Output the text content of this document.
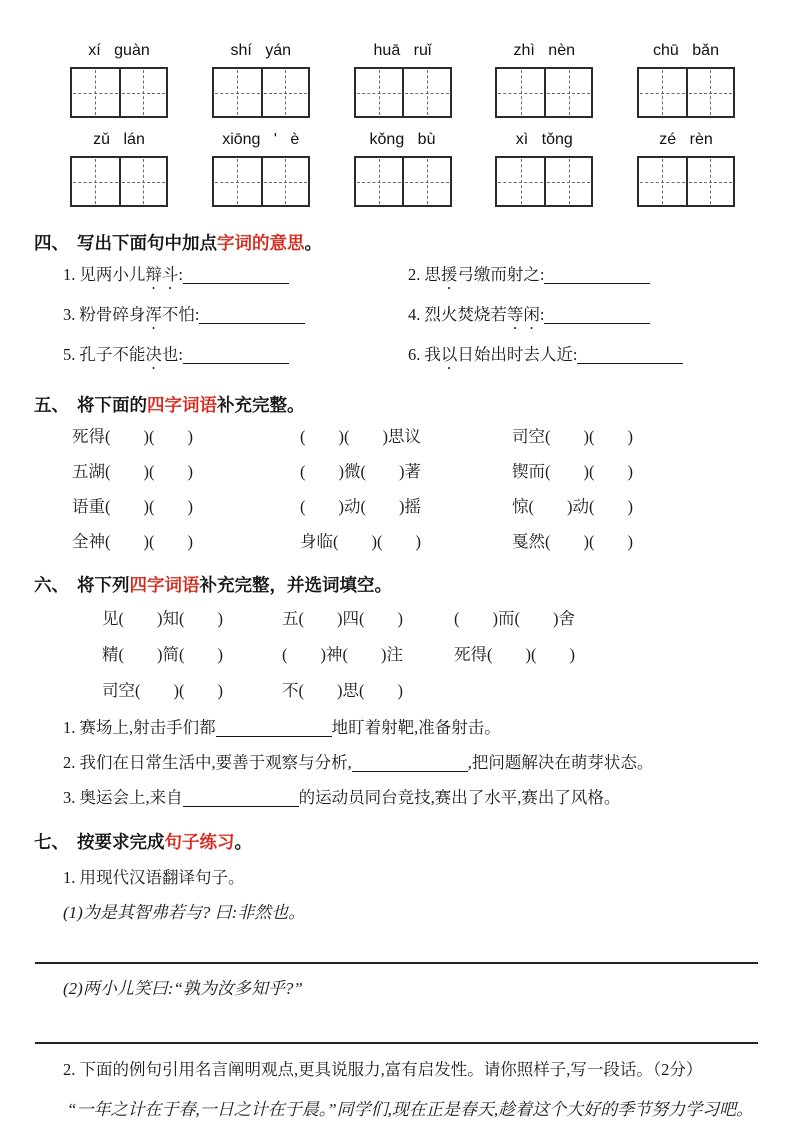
xí guàn	shí yán	huā ruǐ	zhì nèn	chū bǎn
zǔ lán	xiōng ' è	kǒng bù	xì tǒng	zé rèn
四、 写出下面句中加点字词的意思。
1. 见两小儿辩斗:	2. 思援弓缴而射之:
3. 粉骨碎身浑不怕:	4. 烈火焚烧若等闲:
5. 孔子不能决也:	6. 我以日始出时去人近:
五、 将下面的四字词语补充完整。
死得(　　)(　　)	(　　)(　　)思议	司空(　　)(　　)
五湖(　　)(　　)	(　　)微(　　)著	锲而(　　)(　　)
语重(　　)(　　)	(　　)动(　　)摇	惊(　　)动(　　)
全神(　　)(　　)	身临(　　)(　　)	戛然(　　)(　　)
六、 将下列四字词语补充完整，并选词填空。
见(　　)知(　　)	五(　　)四(　　)	(　　)而(　　)舍
精(　　)简(　　)	(　　)神(　　)注	死得(　　)(　　)
司空(　　)(　　)	不(　　)思(　　)
1. 赛场上,射击手们都	地盯着射靶,准备射击。
2. 我们在日常生活中,要善于观察与分析,	,把问题解决在萌芽状态。
3. 奥运会上,来自	的运动员同台竞技,赛出了水平,赛出了风格。
七、 按要求完成句子练习。
1. 用现代汉语翻译句子。
(1)为是其智弗若与? 曰:非然也。
(2)两小儿笑曰:“孰为汝多知乎?”
2. 下面的例句引用名言阐明观点,更具说服力,富有启发性。请你照样子,写一段话。（2分）
“一年之计在于春,一日之计在于晨。”同学们,现在正是春天,趁着这个大好的季节努力学习吧。
